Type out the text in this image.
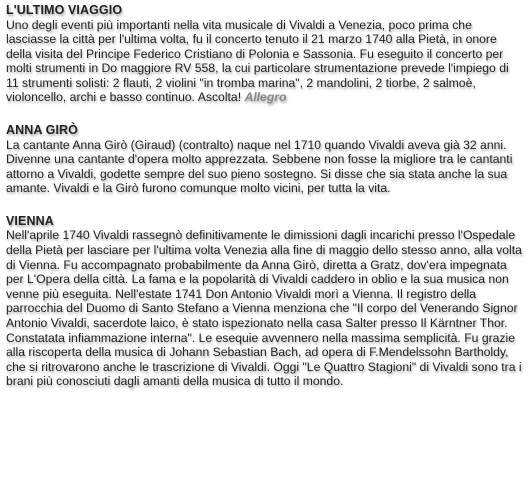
L'ULTIMO VIAGGIO

Uno degli eventi più importanti nella vita musicale di Vivaldi a Venezia, poco prima che lasciasse la città per l'ultima volta, fu il concerto tenuto il 21 marzo 1740 alla Pietà, in onore della visita del Principe Federico Cristiano di Polonia e Sassonia. Fu eseguito il concerto per molti strumenti in Do maggiore RV 558, la cui particolare strumentazione prevede l'impiego di 11 strumenti solisti: 2 flauti, 2 violini "in tromba marina", 2 mandolini, 2 tiorbe, 2 salmoè, violoncello, archi e basso continuo. Ascolta! Allegro

ANNA GIRÒ

La cantante Anna Girò (Giraud) (contralto) naque nel 1710 quando Vivaldi aveva già 32 anni. Divenne una cantante d'opera molto apprezzata. Sebbene non fosse la migliore tra le cantanti attorno a Vivaldi, godette sempre del suo pieno sostegno. Si disse che sia stata anche la sua amante. Vivaldi e la Girò furono comunque molto vicini, per tutta la vita.

VIENNA

Nell'aprile 1740 Vivaldi rassegnò definitivamente le dimissioni dagli incarichi presso l'Ospedale della Pietà per lasciare per l'ultima volta Venezia alla fine di maggio dello stesso anno, alla volta di Vienna. Fu accompagnato probabilmente da Anna Girò, diretta a Gratz, dov'era impegnata per L'Opera della città. La fama e la popolarità di Vivaldi caddero in oblio e la sua musica non venne più eseguita. Nell'estate 1741 Don Antonio Vivaldi morì a Vienna. Il registro della parrocchia del Duomo di Santo Stefano a Vienna menziona che "Il corpo del Venerando Signor Antonio Vivaldi, sacerdote laico, è stato ispezionato nella casa Salter presso Il Kärntner Thor. Constatata infiammazione interna". Le esequie avvennero nella massima semplicità. Fu grazie alla riscoperta della musica di Johann Sebastian Bach, ad opera di F.Mendelssohn Bartholdy, che si ritrovarono anche le trascrizione di Vivaldi. Oggi "Le Quattro Stagioni" di Vivaldi sono tra i brani più conosciuti dagli amanti della musica di tutto il mondo.
